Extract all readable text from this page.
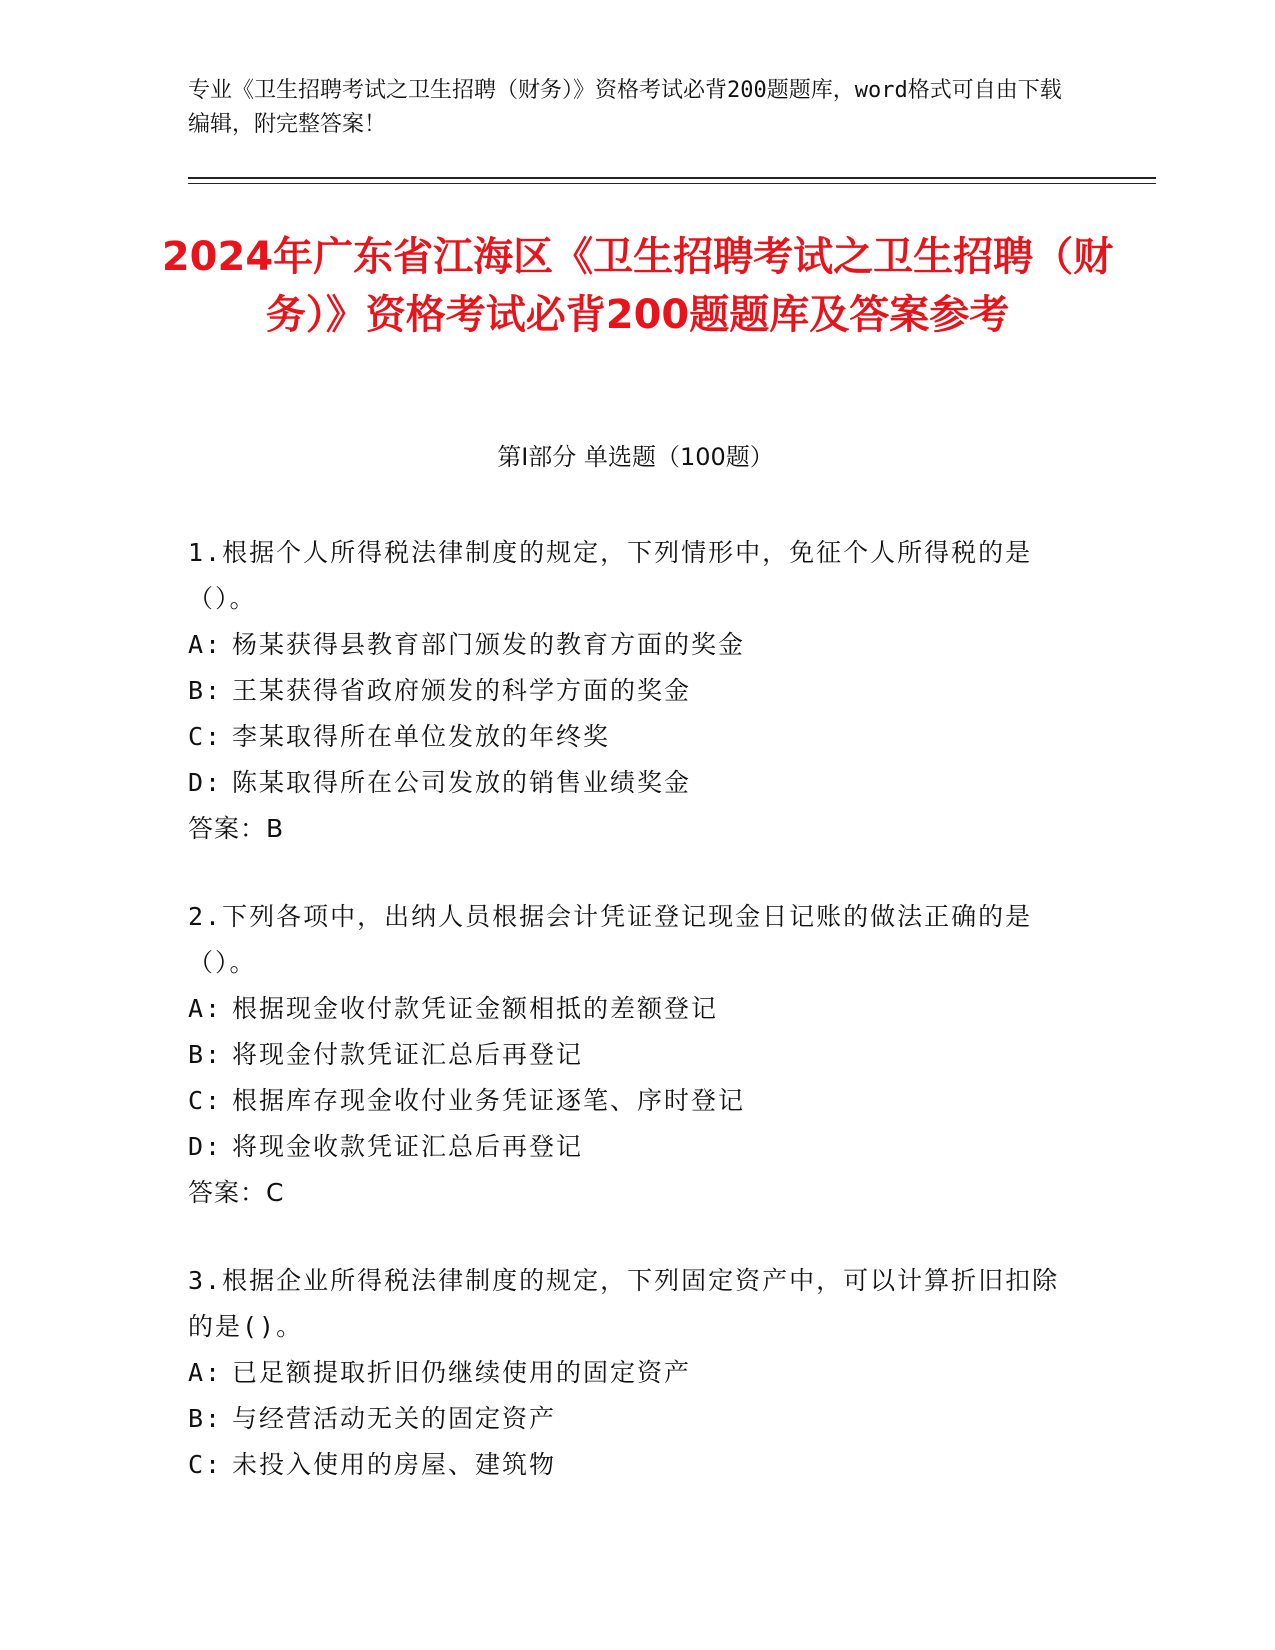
专业《卫生招聘考试之卫生招聘（财务）》资格考试必背200题题库，word格式可自由下载编辑，附完整答案！
2024年广东省江海区《卫生招聘考试之卫生招聘（财务）》资格考试必背200题题库及答案参考
第Ⅰ部分 单选题（100题）
1.根据个人所得税法律制度的规定，下列情形中，免征个人所得税的是（）。
A: 杨某获得县教育部门颁发的教育方面的奖金
B: 王某获得省政府颁发的科学方面的奖金
C: 李某取得所在单位发放的年终奖
D: 陈某取得所在公司发放的销售业绩奖金
答案：B
2.下列各项中，出纳人员根据会计凭证登记现金日记账的做法正确的是（）。
A: 根据现金收付款凭证金额相抵的差额登记
B: 将现金付款凭证汇总后再登记
C: 根据库存现金收付业务凭证逐笔、序时登记
D: 将现金收款凭证汇总后再登记
答案：C
3.根据企业所得税法律制度的规定，下列固定资产中，可以计算折旧扣除的是()。
A: 已足额提取折旧仍继续使用的固定资产
B: 与经营活动无关的固定资产
C: 未投入使用的房屋、建筑物
